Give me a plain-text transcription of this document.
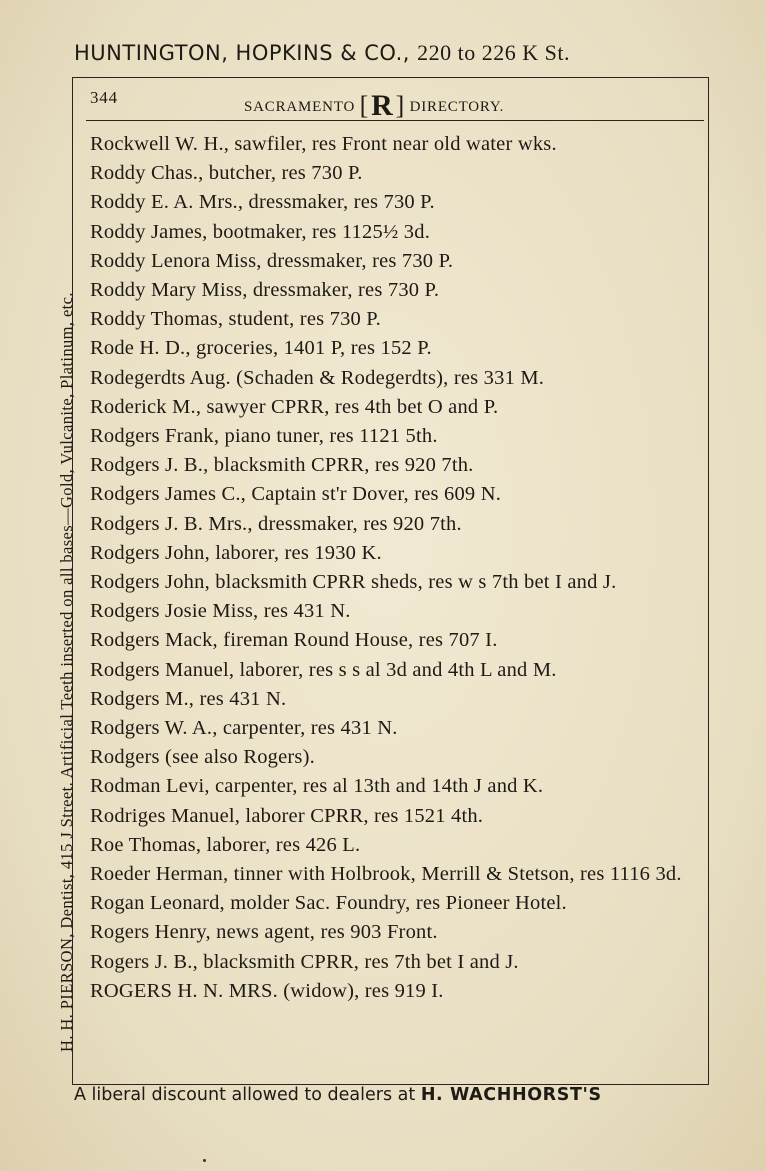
HUNTINGTON, HOPKINS & CO., 220 to 226 K St.
H. H. PIERSON, Dentist, 415 J Street. Artificial Teeth inserted on all bases—Gold, Vulcanite, Platinum, etc.
344	SACRAMENTO [R] DIRECTORY.
Rockwell W. H., sawfiler, res Front near old water wks.
Roddy Chas., butcher, res 730 P.
Roddy E. A. Mrs., dressmaker, res 730 P.
Roddy James, bootmaker, res 1125½ 3d.
Roddy Lenora Miss, dressmaker, res 730 P.
Roddy Mary Miss, dressmaker, res 730 P.
Roddy Thomas, student, res 730 P.
Rode H. D., groceries, 1401 P, res 152 P.
Rodegerdts Aug. (Schaden & Rodegerdts), res 331 M.
Roderick M., sawyer CPRR, res 4th bet O and P.
Rodgers Frank, piano tuner, res 1121 5th.
Rodgers J. B., blacksmith CPRR, res 920 7th.
Rodgers James C., Captain st'r Dover, res 609 N.
Rodgers J. B. Mrs., dressmaker, res 920 7th.
Rodgers John, laborer, res 1930 K.
Rodgers John, blacksmith CPRR sheds, res w s 7th bet I and J.
Rodgers Josie Miss, res 431 N.
Rodgers Mack, fireman Round House, res 707 I.
Rodgers Manuel, laborer, res s s al 3d and 4th L and M.
Rodgers M., res 431 N.
Rodgers W. A., carpenter, res 431 N.
Rodgers (see also Rogers).
Rodman Levi, carpenter, res al 13th and 14th J and K.
Rodriges Manuel, laborer CPRR, res 1521 4th.
Roe Thomas, laborer, res 426 L.
Roeder Herman, tinner with Holbrook, Merrill & Stetson, res 1116 3d.
Rogan Leonard, molder Sac. Foundry, res Pioneer Hotel.
Rogers Henry, news agent, res 903 Front.
Rogers J. B., blacksmith CPRR, res 7th bet I and J.
ROGERS H. N. MRS. (widow), res 919 I.
A liberal discount allowed to dealers at H. WACHHORST'S
